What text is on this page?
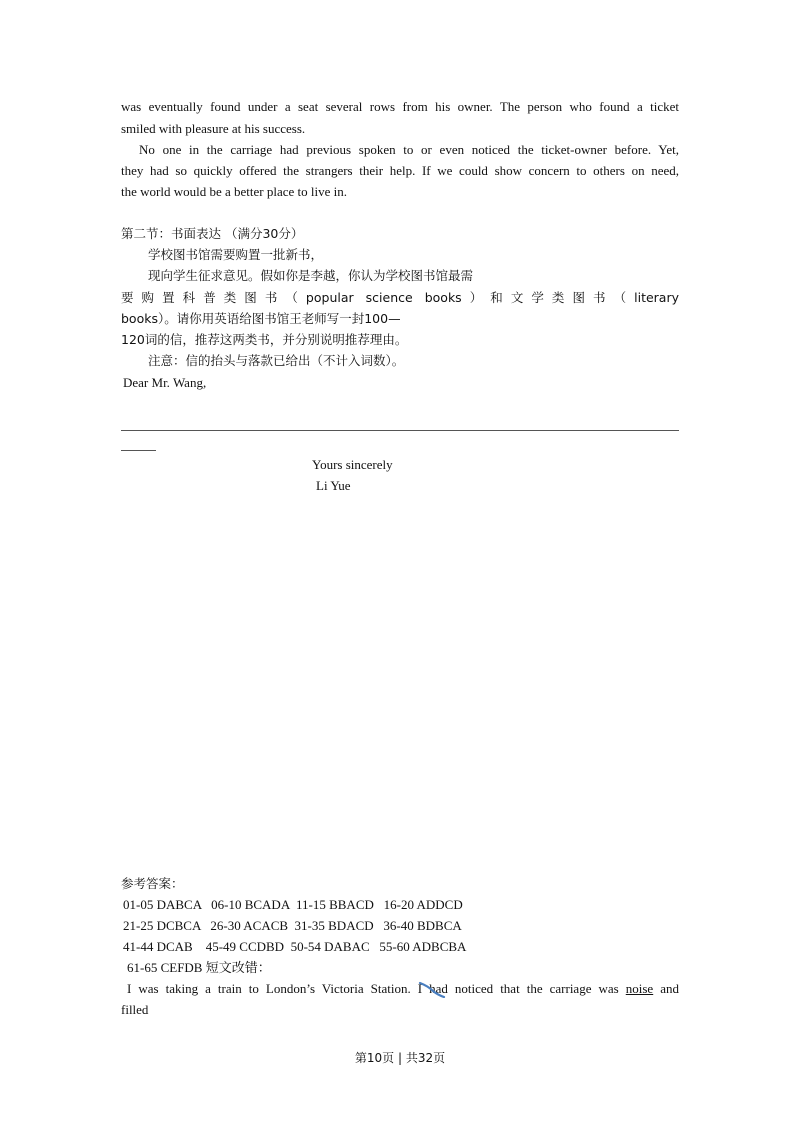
was eventually found under a seat several rows from his owner. The person who found a ticket
smiled with pleasure at his success.
No one in the carriage had previous spoken to or even noticed the ticket-owner before. Yet,
they had so quickly offered the strangers their help. If we could show concern to others on need,
the world would be a better place to live in.
第二节：书面表达 （满分30分）
学校图书馆需要购置一批新书，
现向学生征求意见。假如你是李越，你认为学校图书馆最需
要购置科普类图书（popular science books）和文学类图书（literary
books）。请你用英语给图书馆王老师写一封100—
120词的信，推荐这两类书，并分别说明推荐理由。
注意：信的抬头与落款已给出（不计入词数）。
Dear Mr. Wang,
Yours sincerely
Li Yue
参考答案：
01-05 DABCA   06-10 BCADA  11-15 BBACD   16-20 ADDCD
21-25 DCBCA   26-30 ACACB  31-35 BDACD   36-40 BDBCA
41-44 DCAB    45-49 CCDBD  50-54 DABAC   55-60 ADBCBA
61-65 CEFDB 短文改错：
I was taking a train to London’s Victoria Station. I had noticed that the carriage was noise and
filled
第10页 | 共32页
